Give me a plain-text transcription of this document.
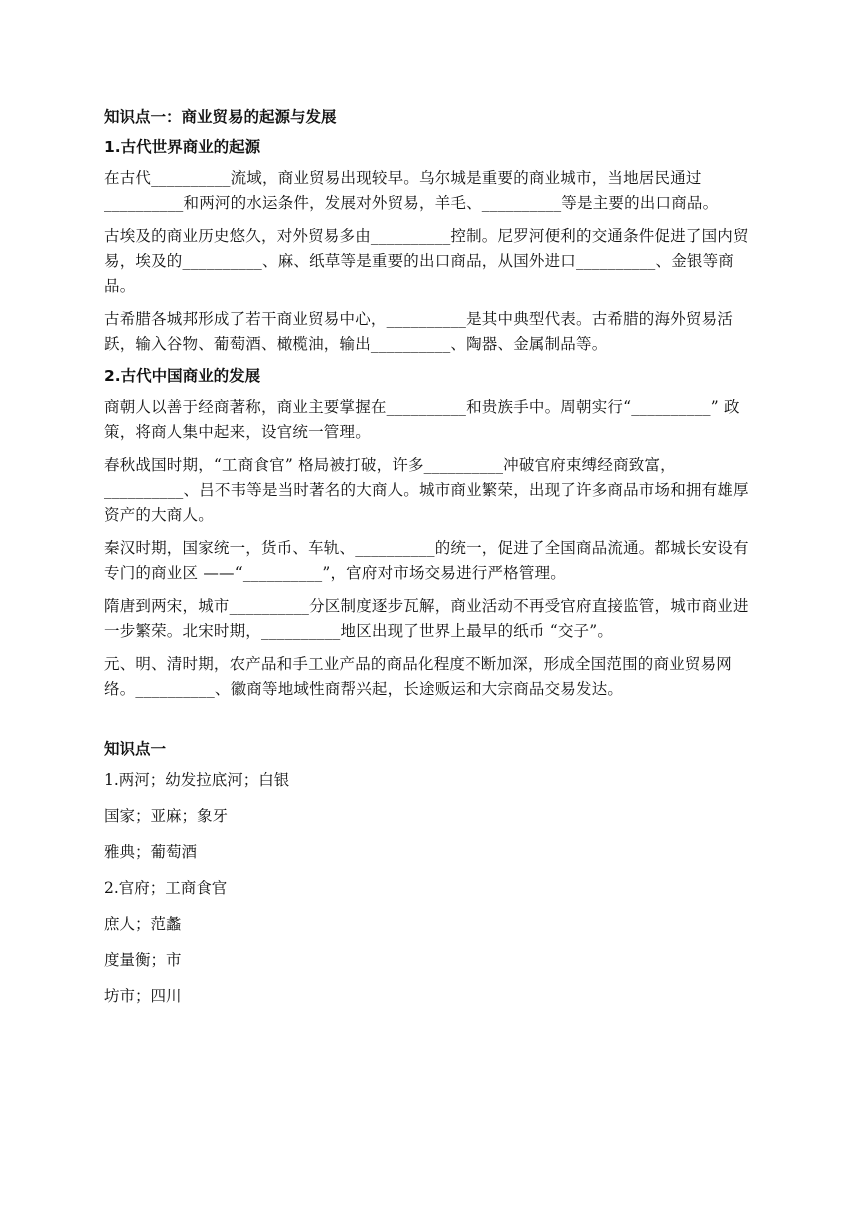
知识点一：商业贸易的起源与发展
1.古代世界商业的起源

在古代__________流域，商业贸易出现较早。乌尔城是重要的商业城市，当地居民通过__________和两河的水运条件，发展对外贸易，羊毛、__________等是主要的出口商品。

古埃及的商业历史悠久，对外贸易多由__________控制。尼罗河便利的交通条件促进了国内贸易，埃及的__________、麻、纸草等是重要的出口商品，从国外进口__________、金银等商品。

古希腊各城邦形成了若干商业贸易中心，__________是其中典型代表。古希腊的海外贸易活跃，输入谷物、葡萄酒、橄榄油，输出__________、陶器、金属制品等。

2.古代中国商业的发展

商朝人以善于经商著称，商业主要掌握在__________和贵族手中。周朝实行“__________” 政策，将商人集中起来，设官统一管理。

春秋战国时期，“工商食官” 格局被打破，许多__________冲破官府束缚经商致富，__________、吕不韦等是当时著名的大商人。城市商业繁荣，出现了许多商品市场和拥有雄厚资产的大商人。

秦汉时期，国家统一，货币、车轨、__________的统一，促进了全国商品流通。都城长安设有专门的商业区 ——“__________”，官府对市场交易进行严格管理。

隋唐到两宋，城市__________分区制度逐步瓦解，商业活动不再受官府直接监管，城市商业进一步繁荣。北宋时期，__________地区出现了世界上最早的纸币 “交子”。

元、明、清时期，农产品和手工业产品的商品化程度不断加深，形成全国范围的商业贸易网络。__________、徽商等地域性商帮兴起，长途贩运和大宗商品交易发达。

知识点一
1.两河；幼发拉底河；白银
国家；亚麻；象牙
雅典；葡萄酒
2.官府；工商食官
庶人；范蠡
度量衡；市
坊市；四川
